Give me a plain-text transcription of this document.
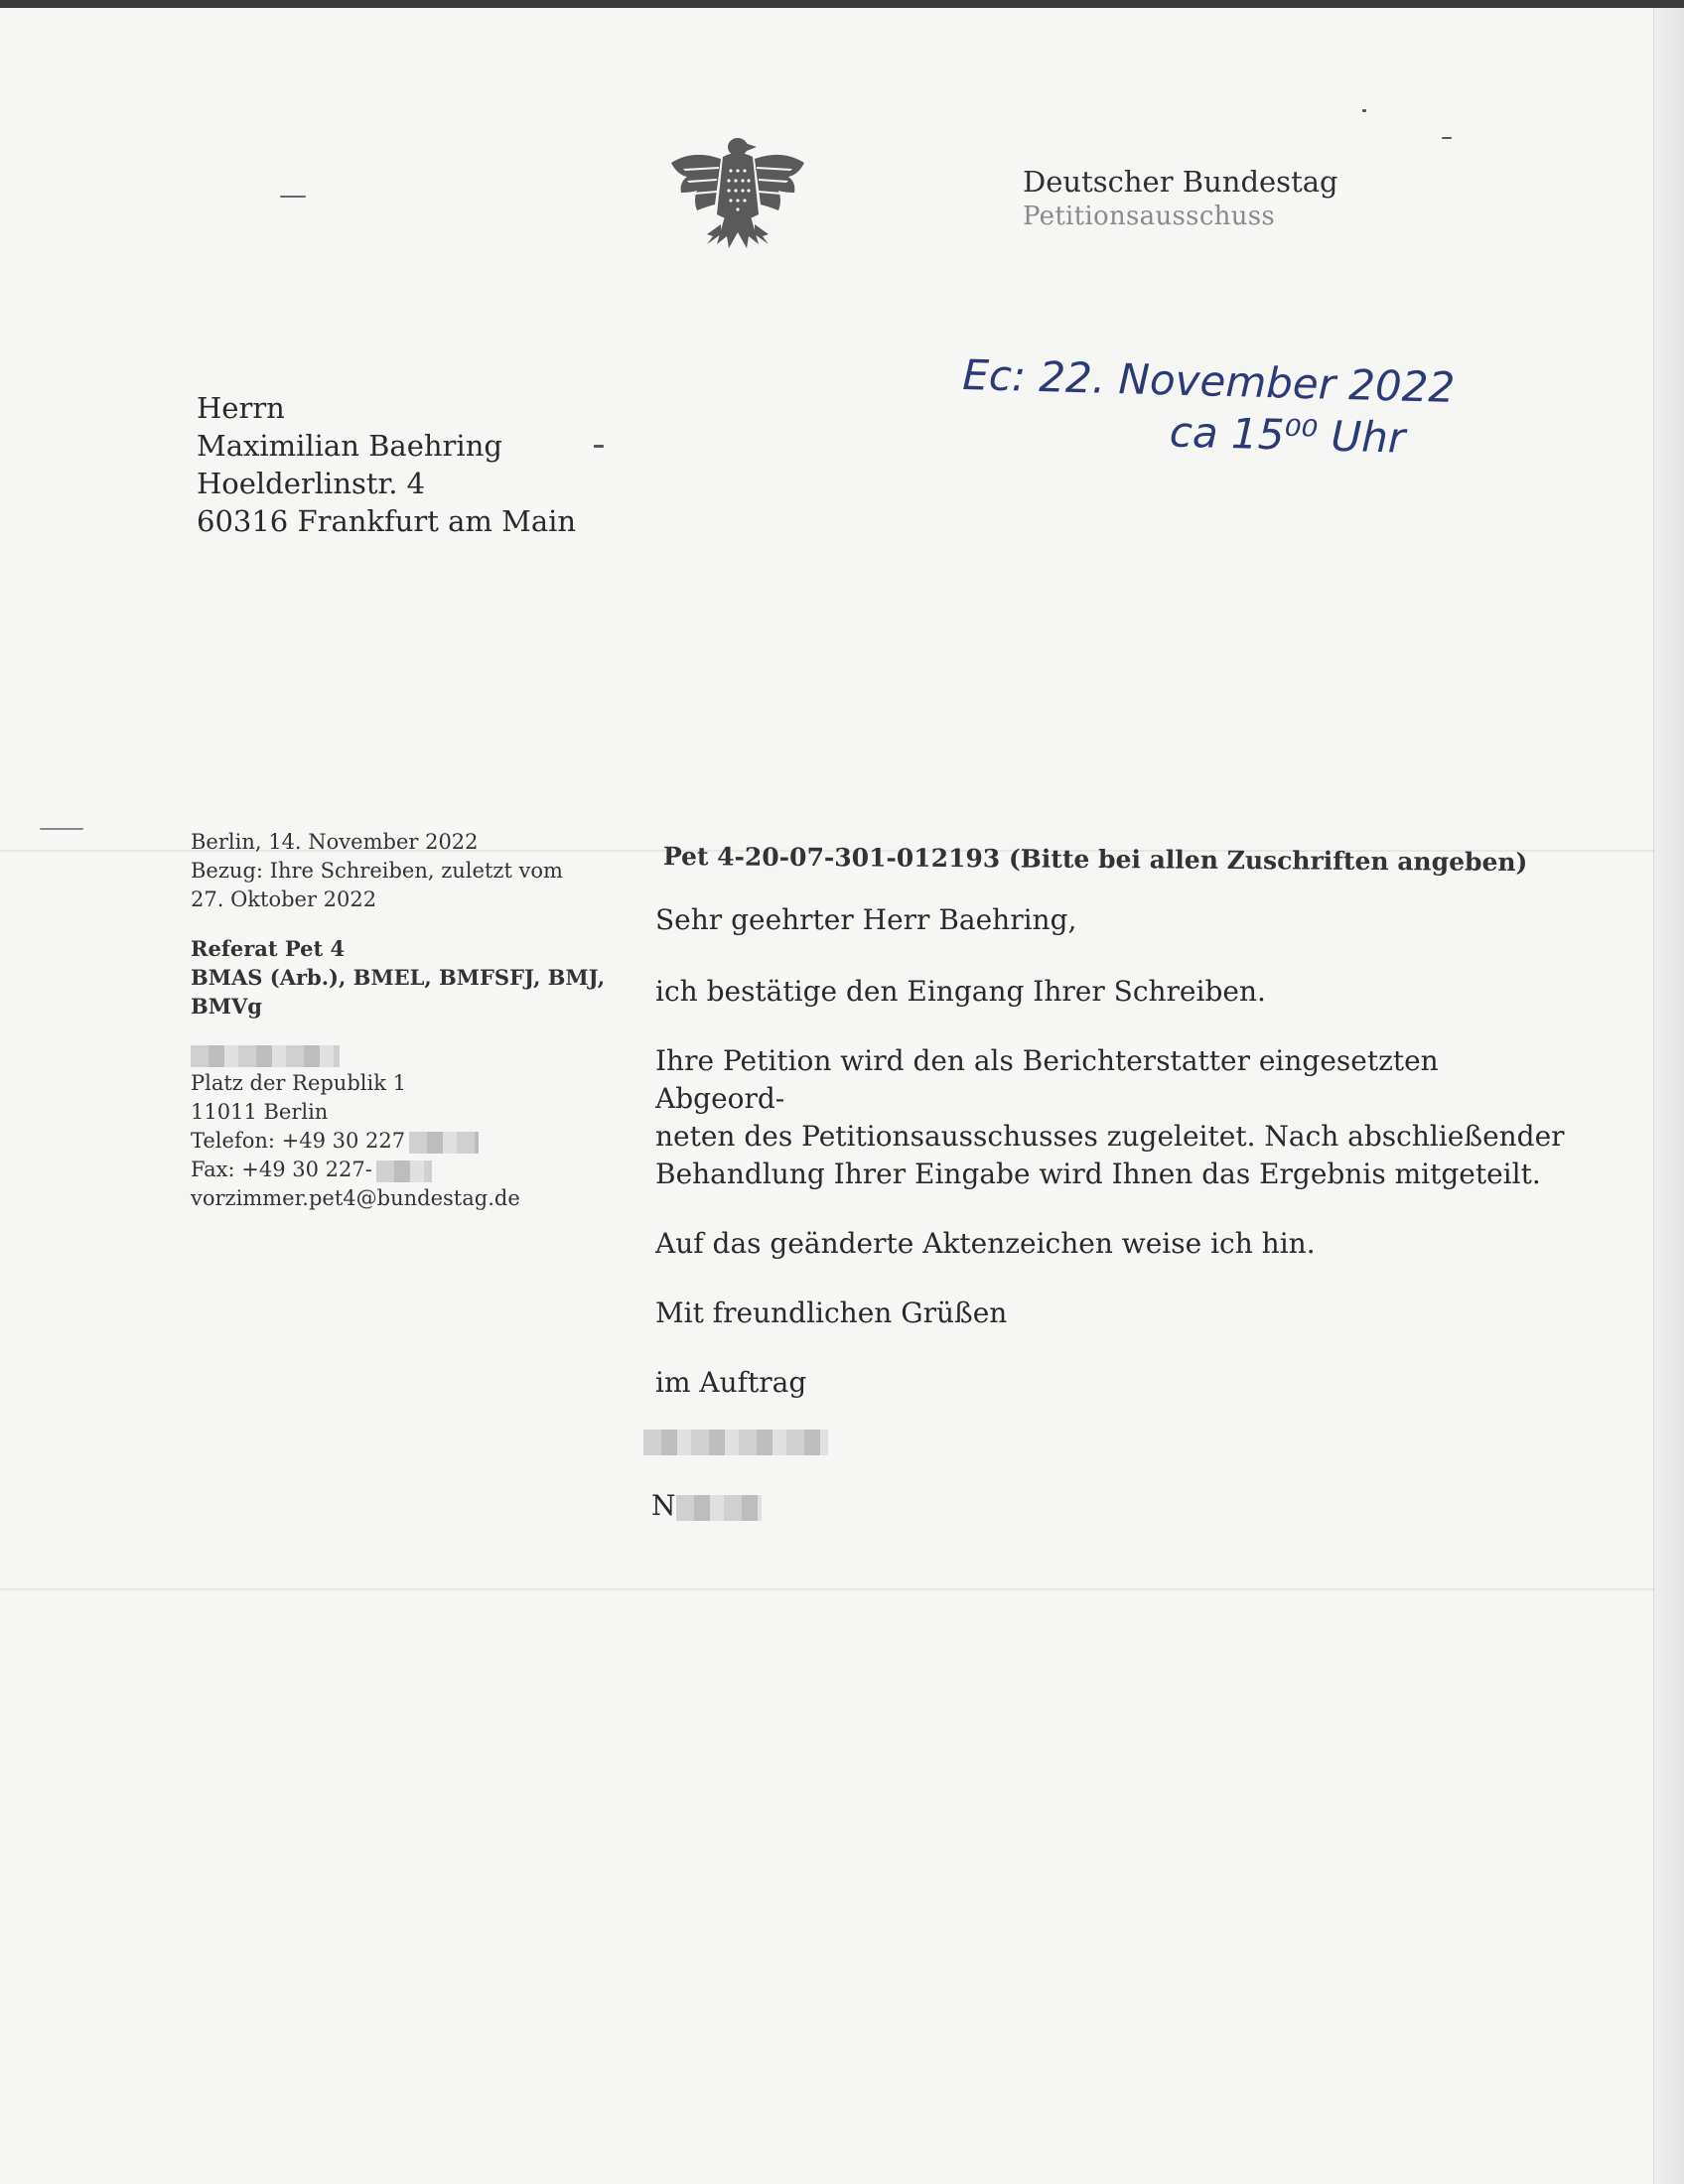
Deutscher Bundestag
Petitionsausschuss
Ec: 22. November 2022
ca 15⁰⁰ Uhr
Herrn
Maximilian Baehring
Hoelderlinstr. 4
60316 Frankfurt am Main
Berlin, 14. November 2022
Bezug: Ihre Schreiben, zuletzt vom
27. Oktober 2022
Referat Pet 4
BMAS (Arb.), BMEL, BMFSFJ, BMJ,
BMVg
Platz der Republik 1
11011 Berlin
Telefon: +49 30 227
Fax: +49 30 227-
vorzimmer.pet4@bundestag.de
Pet 4-20-07-301-012193 (Bitte bei allen Zuschriften angeben)

Sehr geehrter Herr Baehring,

ich bestätige den Eingang Ihrer Schreiben.

Ihre Petition wird den als Berichterstatter eingesetzten Abgeord-
neten des Petitionsausschusses zugeleitet. Nach abschließender
Behandlung Ihrer Eingabe wird Ihnen das Ergebnis mitgeteilt.

Auf das geänderte Aktenzeichen weise ich hin.

Mit freundlichen Grüßen

im Auftrag

N
